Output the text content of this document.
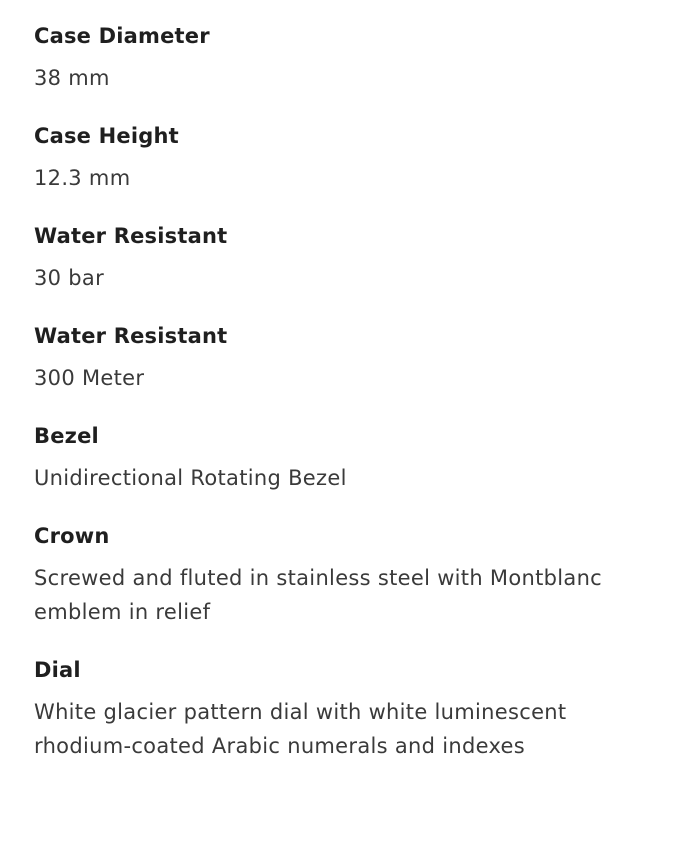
Case Diameter
38 mm
Case Height
12.3 mm
Water Resistant
30 bar
Water Resistant
300 Meter
Bezel
Unidirectional Rotating Bezel
Crown
Screwed and fluted in stainless steel with Montblanc emblem in relief
Dial
White glacier pattern dial with white luminescent rhodium-coated Arabic numerals and indexes
